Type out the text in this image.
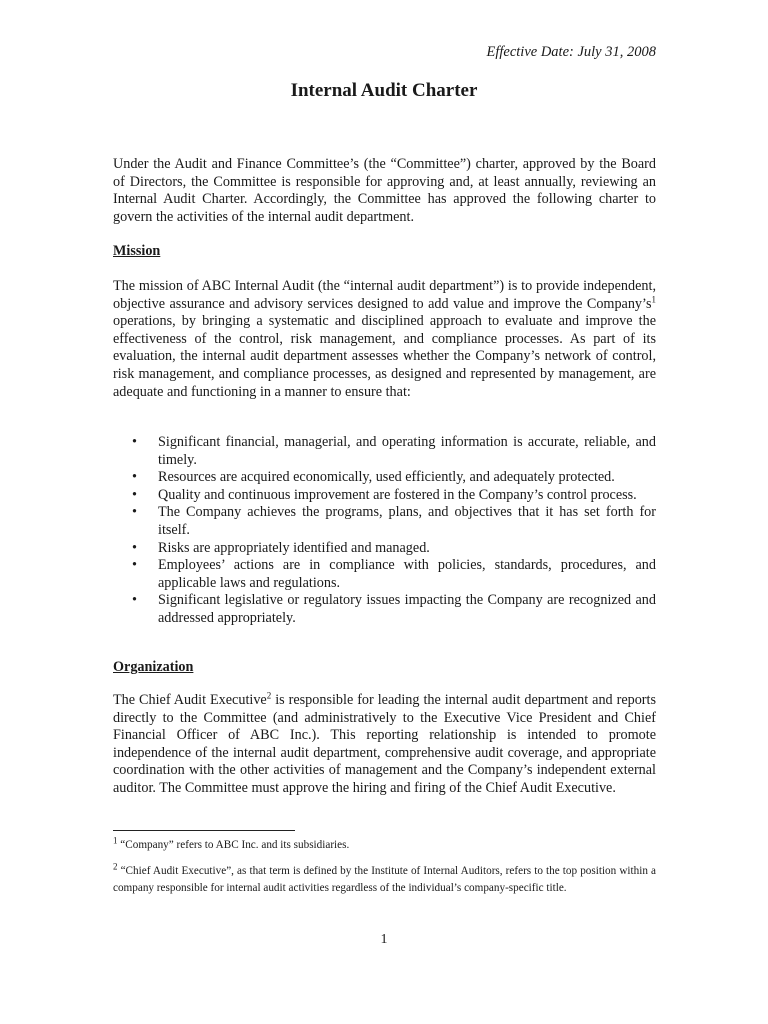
Effective Date: July 31, 2008
Internal Audit Charter

Under the Audit and Finance Committee’s (the “Committee”) charter, approved by the Board of Directors, the Committee is responsible for approving and, at least annually, reviewing an Internal Audit Charter. Accordingly, the Committee has approved the following charter to govern the activities of the internal audit department.

Mission

The mission of ABC Internal Audit (the “internal audit department”) is to provide independent, objective assurance and advisory services designed to add value and improve the $Company’s^1$ operations, by bringing a systematic and disciplined approach to evaluate and improve the effectiveness of the control, risk management, and compliance processes. As part of its evaluation, the internal audit department assesses whether the Company’s network of control, risk management, and compliance processes, as designed and represented by management, are adequate and functioning in a manner to ensure that:

• Significant financial, managerial, and operating information is accurate, reliable, and timely.
• Resources are acquired economically, used efficiently, and adequately protected.
• Quality and continuous improvement are fostered in the Company’s control process.
• The Company achieves the programs, plans, and objectives that it has set forth for itself.
• Risks are appropriately identified and managed.
• Employees’ actions are in compliance with policies, standards, procedures, and applicable laws and regulations.
• Significant legislative or regulatory issues impacting the Company are recognized and addressed appropriately.
Organization

The Chief Audit Executive$^2$ is responsible for leading the internal audit department and reports directly to the Committee (and administratively to the Executive Vice President and Chief Financial Officer of ABC Inc.). This reporting relationship is intended to promote independence of the internal audit department, comprehensive audit coverage, and appropriate coordination with the other activities of management and the Company’s independent external auditor. The Committee must approve the hiring and firing of the Chief Audit Executive.

$^1$ “Company” refers to ABC Inc. and its subsidiaries.
$^2$ “Chief Audit Executive”, as that term is defined by the Institute of Internal Auditors, refers to the top position within a company responsible for internal audit activities regardless of the individual’s company-specific title.
1
